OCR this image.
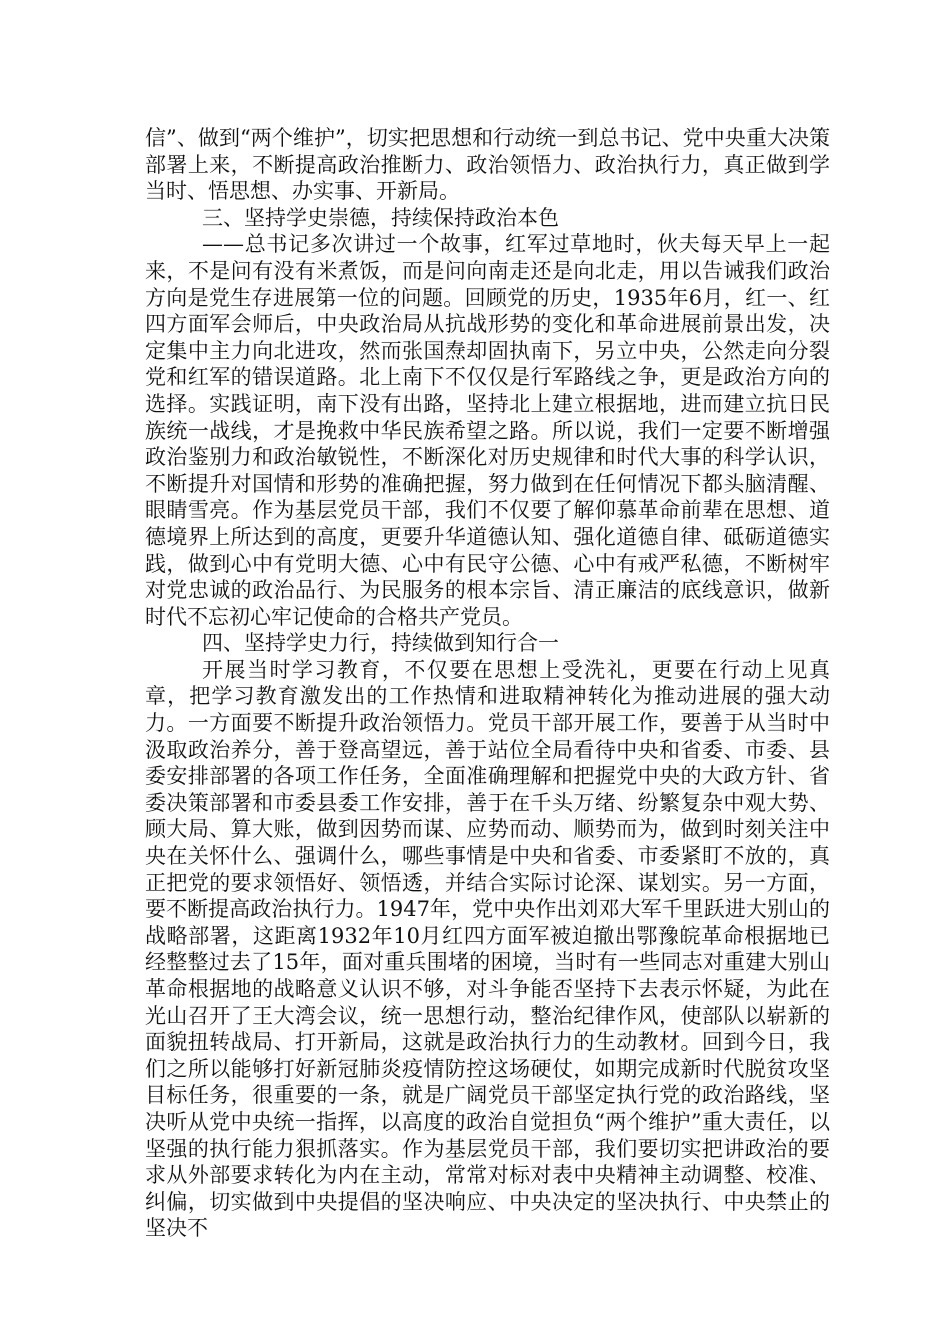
信”、做到“两个维护”，切实把思想和行动统一到总书记、党中央重大决策部署上来，不断提高政治推断力、政治领悟力、政治执行力，真正做到学当时、悟思想、办实事、开新局。

三、坚持学史崇德，持续保持政治本色

——总书记多次讲过一个故事，红军过草地时，伙夫每天早上一起来，不是问有没有米煮饭，而是问向南走还是向北走，用以告诫我们政治方向是党生存进展第一位的问题。回顾党的历史，1935年6月，红一、红四方面军会师后，中央政治局从抗战形势的变化和革命进展前景出发，决定集中主力向北进攻，然而张国焘却固执南下，另立中央，公然走向分裂党和红军的错误道路。北上南下不仅仅是行军路线之争，更是政治方向的选择。实践证明，南下没有出路，坚持北上建立根据地，进而建立抗日民族统一战线，才是挽救中华民族希望之路。所以说，我们一定要不断增强政治鉴别力和政治敏锐性，不断深化对历史规律和时代大事的科学认识，不断提升对国情和形势的准确把握，努力做到在任何情况下都头脑清醒、眼睛雪亮。作为基层党员干部，我们不仅要了解仰慕革命前辈在思想、道德境界上所达到的高度，更要升华道德认知、强化道德自律、砥砺道德实践，做到心中有党明大德、心中有民守公德、心中有戒严私德，不断树牢对党忠诚的政治品行、为民服务的根本宗旨、清正廉洁的底线意识，做新时代不忘初心牢记使命的合格共产党员。

四、坚持学史力行，持续做到知行合一

开展当时学习教育，不仅要在思想上受洗礼，更要在行动上见真章，把学习教育激发出的工作热情和进取精神转化为推动进展的强大动力。一方面要不断提升政治领悟力。党员干部开展工作，要善于从当时中汲取政治养分，善于登高望远，善于站位全局看待中央和省委、市委、县委安排部署的各项工作任务，全面准确理解和把握党中央的大政方针、省委决策部署和市委县委工作安排，善于在千头万绪、纷繁复杂中观大势、顾大局、算大账，做到因势而谋、应势而动、顺势而为，做到时刻关注中央在关怀什么、强调什么，哪些事情是中央和省委、市委紧盯不放的，真正把党的要求领悟好、领悟透，并结合实际讨论深、谋划实。另一方面，要不断提高政治执行力。1947年，党中央作出刘邓大军千里跃进大别山的战略部署，这距离1932年10月红四方面军被迫撤出鄂豫皖革命根据地已经整整过去了15年，面对重兵围堵的困境，当时有一些同志对重建大别山革命根据地的战略意义认识不够，对斗争能否坚持下去表示怀疑，为此在光山召开了王大湾会议，统一思想行动，整治纪律作风，使部队以崭新的面貌扭转战局、打开新局，这就是政治执行力的生动教材。回到今日，我们之所以能够打好新冠肺炎疫情防控这场硬仗，如期完成新时代脱贫攻坚目标任务，很重要的一条，就是广阔党员干部坚定执行党的政治路线，坚决听从党中央统一指挥，以高度的政治自觉担负“两个维护”重大责任，以坚强的执行能力狠抓落实。作为基层党员干部，我们要切实把讲政治的要求从外部要求转化为内在主动，常常对标对表中央精神主动调整、校准、纠偏，切实做到中央提倡的坚决响应、中央决定的坚决执行、中央禁止的坚决不
